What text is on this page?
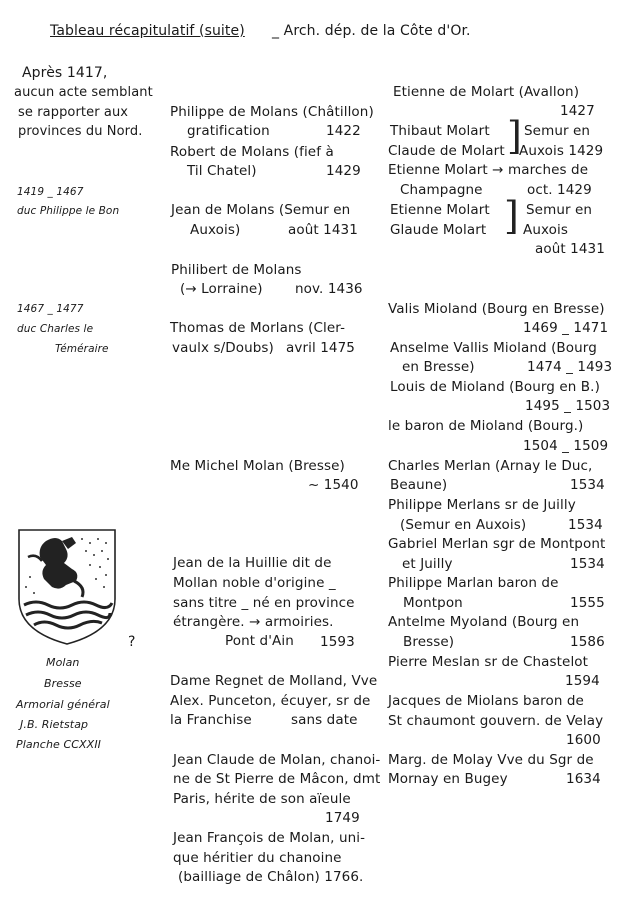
Tableau récapitulatif (suite) _ Arch. dép. de la Côte d'Or.
Après 1417,
aucun acte semblant
se rapporter aux
provinces du Nord.
1419 _ 1467
duc Philippe le Bon
1467 _ 1477
duc Charles le
Téméraire
Molan
Bresse
Armorial général
J.B. Rietstap
Planche CCXXII
?
Philippe de Molans (Châtillon)
gratification	1422
Robert de Molans (fief à
Til Chatel)	1429
Jean de Molans (Semur en
Auxois)	août 1431
Philibert de Molans
(→ Lorraine) nov. 1436
Thomas de Morlans (Cler-
vaulx s/Doubs) avril 1475
Me Michel Molan (Bresse)
~ 1540
Jean de la Huillie dit de
Mollan noble d'origine _
sans titre _ né en province
étrangère. → armoiries.
Pont d'Ain 1593
Dame Regnet de Molland, Vve
Alex. Punceton, écuyer, sr de
la Franchise	sans date
Jean Claude de Molan, chanoi-
ne de St Pierre de Mâcon, dmt
Paris, hérite de son aïeule
1749
Jean François de Molan, uni-
que héritier du chanoine
(bailliage de Châlon) 1766.
Etienne de Molart (Avallon)
1427
Thibaut Molart ] Semur en
Claude de Molart Auxois 1429
Etienne Molart → marches de
Champagne	oct. 1429
Etienne Molart ] Semur en
Glaude Molart	Auxois
août 1431
Valis Mioland (Bourg en Bresse)
1469 _ 1471
Anselme Vallis Mioland (Bourg
en Bresse)	1474 _ 1493
Louis de Mioland (Bourg en B.)
1495 _ 1503
le baron de Mioland (Bourg.)
1504 _ 1509
Charles Merlan (Arnay le Duc,
Beaune)	1534
Philippe Merlans sr de Juilly
(Semur en Auxois)	1534
Gabriel Merlan sgr de Montpont
et Juilly	1534
Philippe Marlan baron de
Montpon	1555
Antelme Myoland (Bourg en
Bresse)	1586
Pierre Meslan sr de Chastelot
1594
Jacques de Miolans baron de
St chaumont gouvern. de Velay
1600
Marg. de Molay Vve du Sgr de
Mornay en Bugey	1634
